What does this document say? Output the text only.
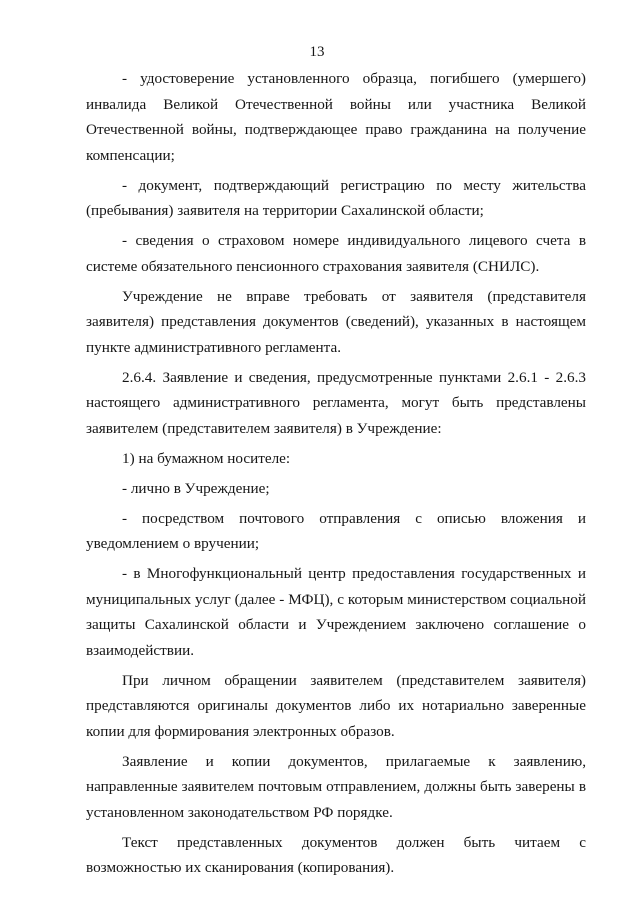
13

- удостоверение установленного образца, погибшего (умершего) инвалида Великой Отечественной войны или участника Великой Отечественной войны, подтверждающее право гражданина на получение компенсации;

- документ, подтверждающий регистрацию по месту жительства (пребывания) заявителя на территории Сахалинской области;

- сведения о страховом номере индивидуального лицевого счета в системе обязательного пенсионного страхования заявителя (СНИЛС).

Учреждение не вправе требовать от заявителя (представителя заявителя) представления документов (сведений), указанных в настоящем пункте административного регламента.

2.6.4. Заявление и сведения, предусмотренные пунктами 2.6.1 - 2.6.3 настоящего административного регламента, могут быть представлены заявителем (представителем заявителя) в Учреждение:

1) на бумажном носителе:

- лично в Учреждение;

- посредством почтового отправления с описью вложения и уведомлением о вручении;

- в Многофункциональный центр предоставления государственных и муниципальных услуг (далее - МФЦ), с которым министерством социальной защиты Сахалинской области и Учреждением заключено соглашение о взаимодействии.

При личном обращении заявителем (представителем заявителя) представляются оригиналы документов либо их нотариально заверенные копии для формирования электронных образов.

Заявление и копии документов, прилагаемые к заявлению, направленные заявителем почтовым отправлением, должны быть заверены в установленном законодательством РФ порядке.

Текст представленных документов должен быть читаем с возможностью их сканирования (копирования).
